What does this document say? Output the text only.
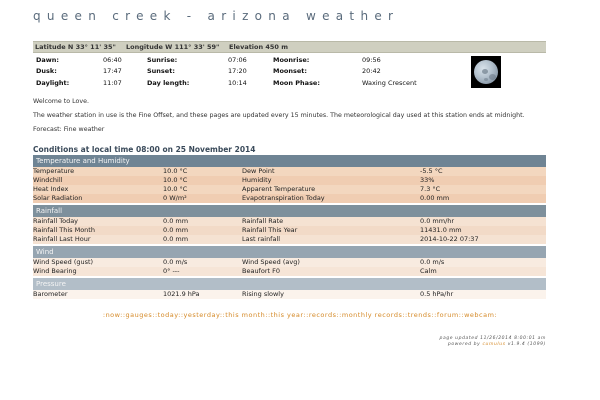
queen creek - arizona weather
Latitude N 33° 11' 35" Longitude W 111° 33' 59" Elevation 450 m
Dawn:	06:40	Sunrise:	07:06	Moonrise:	09:56
Dusk:	17:47	Sunset:	17:20	Moonset:	20:42
Daylight:	11:07	Day length:	10:14	Moon Phase:	Waxing Crescent
Welcome to Love.
The weather station in use is the Fine Offset, and these pages are updated every 15 minutes. The meteorological day used at this station ends at midnight.
Forecast: Fine weather
Conditions at local time 08:00 on 25 November 2014
Temperature and Humidity
Temperature	10.0 °C	Dew Point	-5.5 °C
Windchill	10.0 °C	Humidity	33%
Heat Index	10.0 °C	Apparent Temperature	7.3 °C
Solar Radiation	0 W/m²	Evapotranspiration Today	0.00 mm
Rainfall
Rainfall Today	0.0 mm	Rainfall Rate	0.0 mm/hr
Rainfall This Month	0.0 mm	Rainfall This Year	11431.0 mm
Rainfall Last Hour	0.0 mm	Last rainfall	2014-10-22 07:37
Wind
Wind Speed (gust)	0.0 m/s	Wind Speed (avg)	0.0 m/s
Wind Bearing	0° ---	Beaufort F0	Calm
Pressure
Barometer	1021.9 hPa	Rising slowly	0.5 hPa/hr
:now::gauges::today::yesterday::this month::this year::records::monthly records::trends::forum::webcam:
page updated 11/26/2014 8:00:01 am
powered by cumulus v1.9.4 (1099)
